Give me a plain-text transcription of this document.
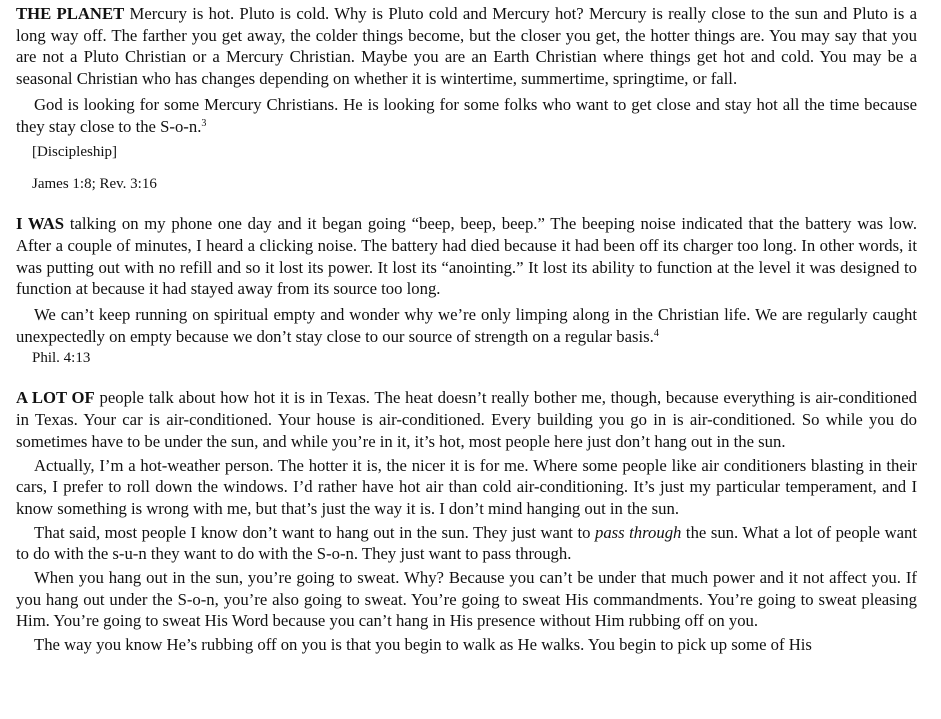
THE PLANET Mercury is hot. Pluto is cold. Why is Pluto cold and Mercury hot? Mercury is really close to the sun and Pluto is a long way off. The farther you get away, the colder things become, but the closer you get, the hotter things are. You may say that you are not a Pluto Christian or a Mercury Christian. Maybe you are an Earth Christian where things get hot and cold. You may be a seasonal Christian who has changes depending on whether it is wintertime, summertime, springtime, or fall.

God is looking for some Mercury Christians. He is looking for some folks who want to get close and stay hot all the time because they stay close to the S-o-n.$^3$

[Discipleship]

James 1:8; Rev. 3:16

I WAS talking on my phone one day and it began going “beep, beep, beep.” The beeping noise indicated that the battery was low. After a couple of minutes, I heard a clicking noise. The battery had died because it had been off its charger too long. In other words, it was putting out with no refill and so it lost its power. It lost its “anointing.” It lost its ability to function at the level it was designed to function at because it had stayed away from its source too long.

We can’t keep running on spiritual empty and wonder why we’re only limping along in the Christian life. We are regularly caught unexpectedly on empty because we don’t stay close to our source of strength on a regular basis.$^4$

Phil. 4:13

A LOT OF people talk about how hot it is in Texas. The heat doesn’t really bother me, though, because everything is air-conditioned in Texas. Your car is air-conditioned. Your house is air-conditioned. Every building you go in is air-conditioned. So while you do sometimes have to be under the sun, and while you’re in it, it’s hot, most people here just don’t hang out in the sun.

Actually, I’m a hot-weather person. The hotter it is, the nicer it is for me. Where some people like air conditioners blasting in their cars, I prefer to roll down the windows. I’d rather have hot air than cold air-conditioning. It’s just my particular temperament, and I know something is wrong with me, but that’s just the way it is. I don’t mind hanging out in the sun.

That said, most people I know don’t want to hang out in the sun. They just want to pass through the sun. What a lot of people want to do with the s-u-n they want to do with the S-o-n. They just want to pass through.

When you hang out in the sun, you’re going to sweat. Why? Because you can’t be under that much power and it not affect you. If you hang out under the S-o-n, you’re also going to sweat. You’re going to sweat His commandments. You’re going to sweat pleasing Him. You’re going to sweat His Word because you can’t hang in His presence without Him rubbing off on you.

The way you know He’s rubbing off on you is that you begin to walk as He walks. You begin to pick up some of His
